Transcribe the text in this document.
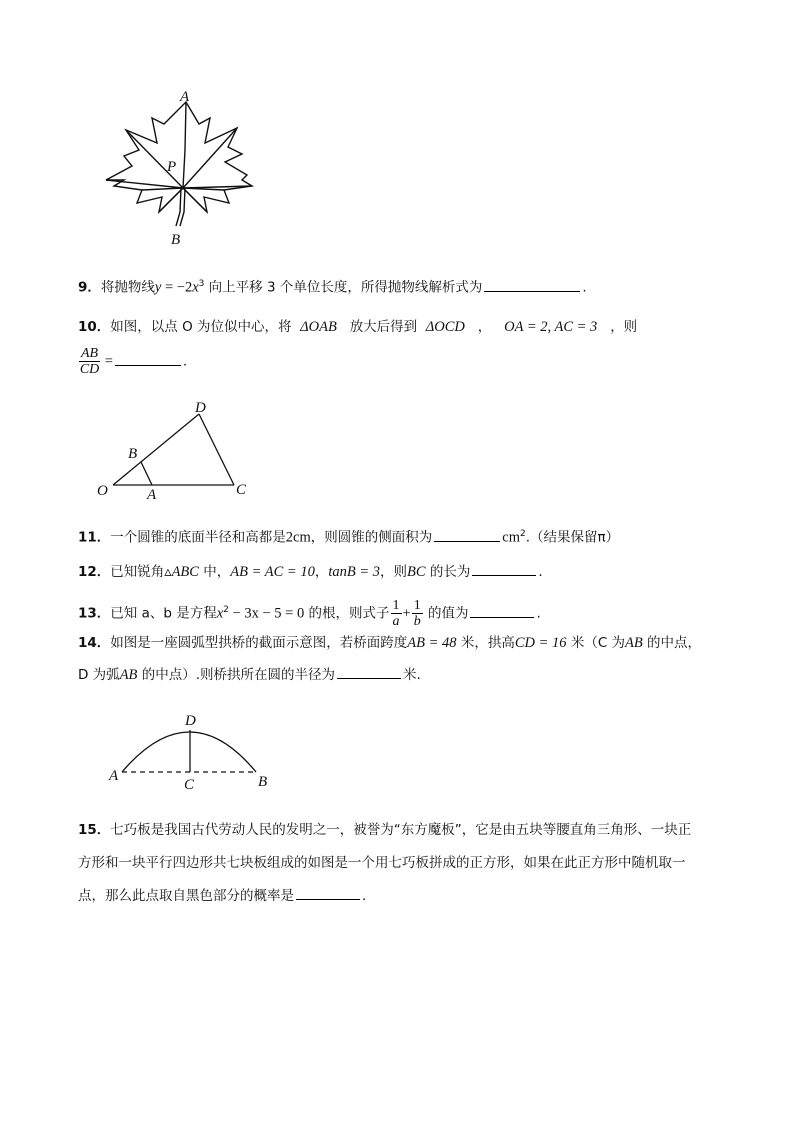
A
P
B
9．将抛物线$y = -2x^3$ 向上平移 3 个单位长度，所得抛物线解析式为	.
10．如图，以点 O 为位似中心，将 ΔOAB 放大后得到 ΔOCD ， OA = 2, AC = 3 ，则
$\frac{AB}{CD}$ =	.
O	A
B
C
D
11．一个圆锥的底面半径和高都是2cm，则圆锥的侧面积为	$cm^2$.（结果保留π）
12．已知锐角▵ABC 中，AB = AC = 10，tanB = 3，则BC 的长为	.
13．已知 a、b 是方程$x^2 - 3x - 5 = 0$ 的根，则式子 $\frac{1}{a} + \frac{1}{b}$ 的值为	.
14．如图是一座圆弧型拱桥的截面示意图，若桥面跨度AB = 48 米，拱高CD = 16 米（C 为AB 的中点，
D 为弧AB 的中点）.则桥拱所在圆的半径为	米.
A	B
C
D
15．七巧板是我国古代劳动人民的发明之一，被誉为“东方魔板”，它是由五块等腰直角三角形、一块正
方形和一块平行四边形共七块板组成的如图是一个用七巧板拼成的正方形，如果在此正方形中随机取一
点，那么此点取自黑色部分的概率是	.
